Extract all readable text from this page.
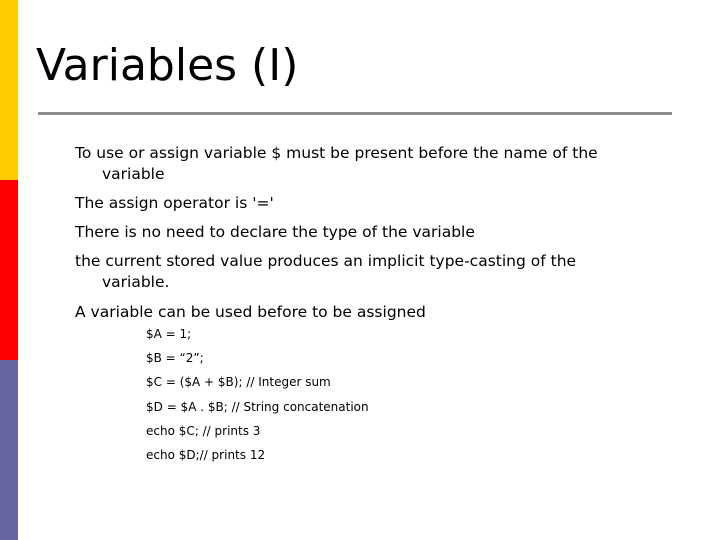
Variables (I)
To use or assign variable $ must be present before the name of the variable
The assign operator is '='
There is no need to declare the type of the variable
the current stored value produces an implicit type-casting of the variable.
A variable can be used before to be assigned
$A = 1;
$B = “2”;
$C = ($A + $B); // Integer sum
$D = $A . $B; // String concatenation
echo $C; // prints 3
echo $D;// prints 12
